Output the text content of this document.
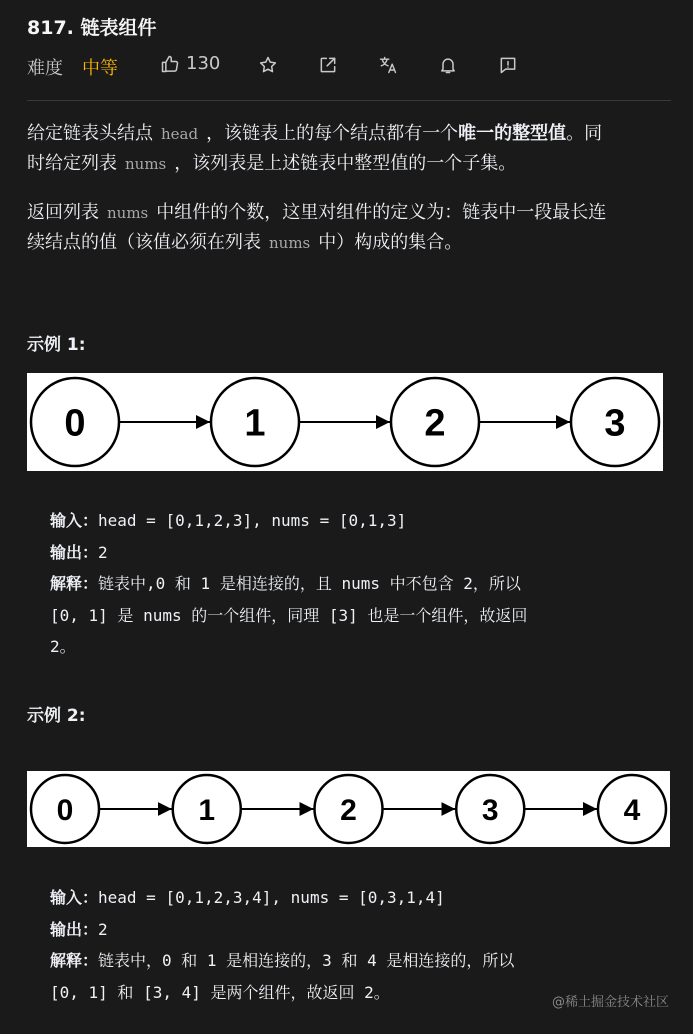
817. 链表组件
难度 中等	130
给定链表头结点 head ，该链表上的每个结点都有一个唯一的整型值。同
时给定列表 nums ，该列表是上述链表中整型值的一个子集。
返回列表 nums 中组件的个数，这里对组件的定义为：链表中一段最长连
续结点的值（该值必须在列表 nums 中）构成的集合。
示例 1:
0	1	2	3
输入：head = [0,1,2,3], nums = [0,1,3]
输出：2
解释：链表中,0 和 1 是相连接的，且 nums 中不包含 2，所以
[0, 1] 是 nums 的一个组件，同理 [3] 也是一个组件，故返回
2。
示例 2:
0	1	2	3	4
输入：head = [0,1,2,3,4], nums = [0,3,1,4]
输出：2
解释：链表中，0 和 1 是相连接的，3 和 4 是相连接的，所以
[0, 1] 和 [3, 4] 是两个组件，故返回 2。
@稀土掘金技术社区
